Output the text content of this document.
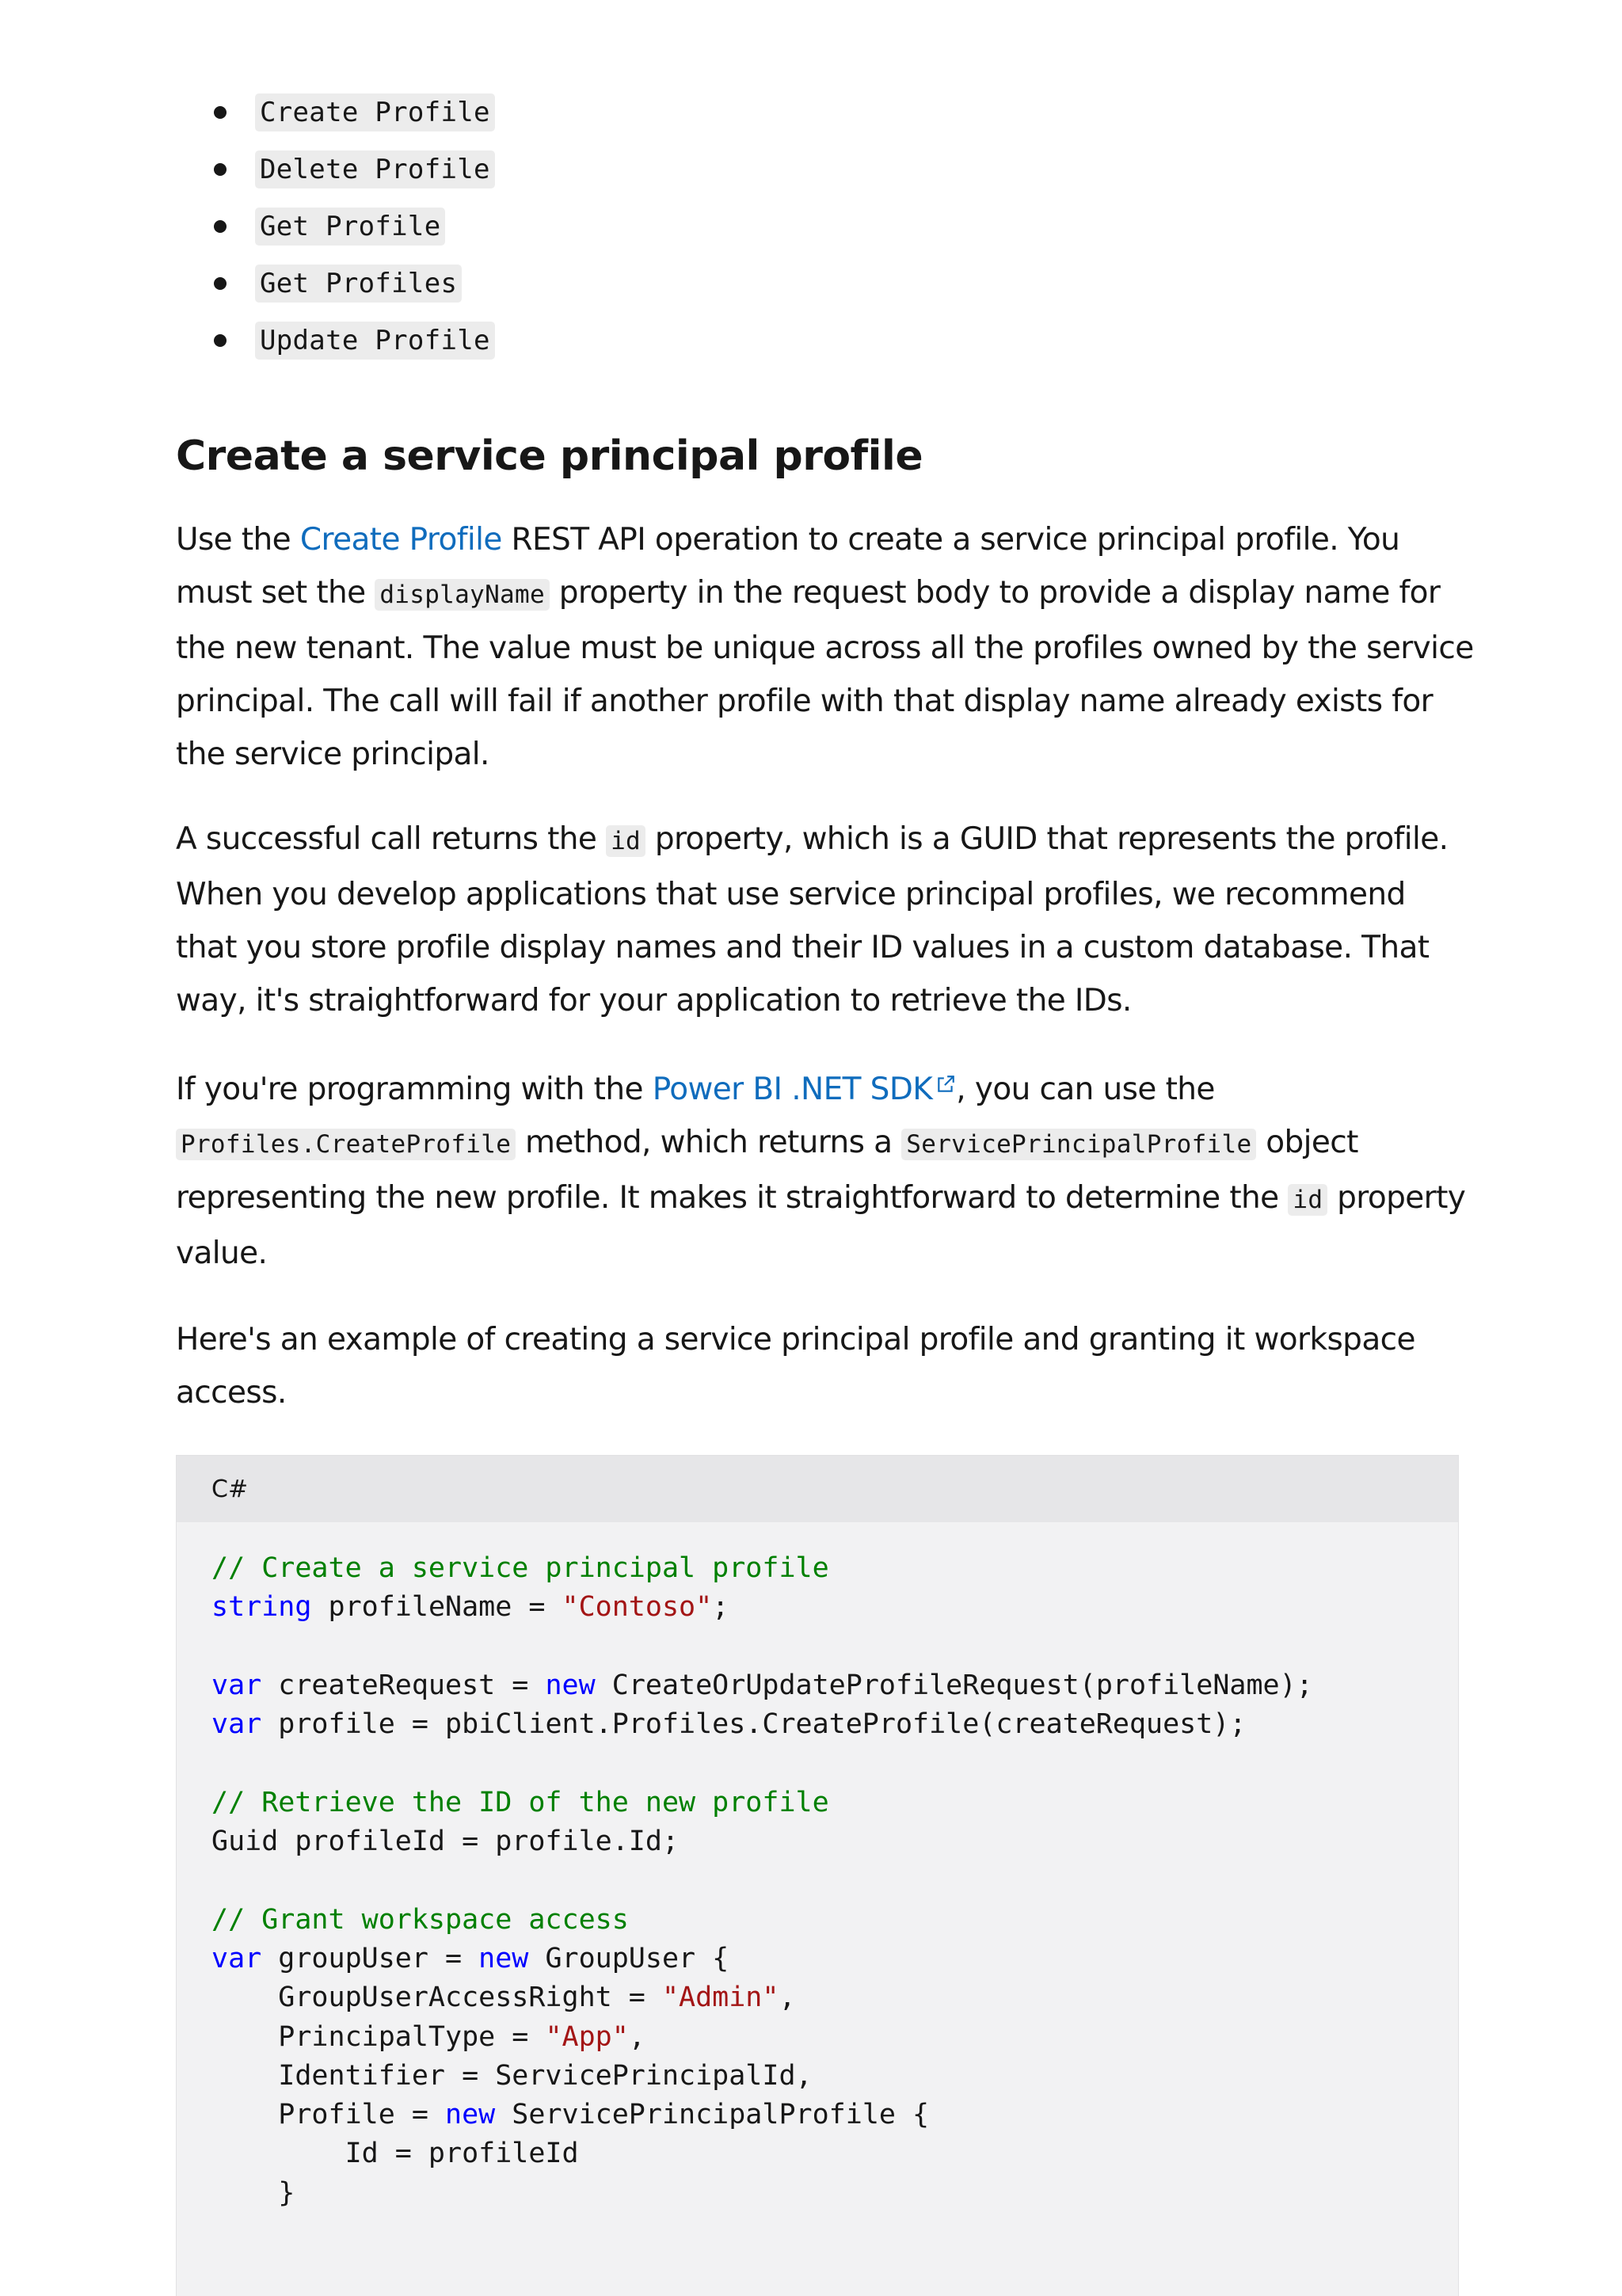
Create Profile
Delete Profile
Get Profile
Get Profiles
Update Profile
Create a service principal profile

Use the Create Profile REST API operation to create a service principal profile. You must set the displayName property in the request body to provide a display name for the new tenant. The value must be unique across all the profiles owned by the service principal. The call will fail if another profile with that display name already exists for the service principal.

A successful call returns the id property, which is a GUID that represents the profile. When you develop applications that use service principal profiles, we recommend that you store profile display names and their ID values in a custom database. That way, it's straightforward for your application to retrieve the IDs.

If you're programming with the Power BI .NET SDK , you can use the Profiles.CreateProfile method, which returns a ServicePrincipalProfile object representing the new profile. It makes it straightforward to determine the id property value.

Here's an example of creating a service principal profile and granting it workspace access.

C#
// Create a service principal profile
string profileName = "Contoso";

var createRequest = new CreateOrUpdateProfileRequest(profileName);
var profile = pbiClient.Profiles.CreateProfile(createRequest);

// Retrieve the ID of the new profile
Guid profileId = profile.Id;

// Grant workspace access
var groupUser = new GroupUser {
GroupUserAccessRight = "Admin",
PrincipalType = "App",
Identifier = ServicePrincipalId,
Profile = new ServicePrincipalProfile {
Id = profileId
}
